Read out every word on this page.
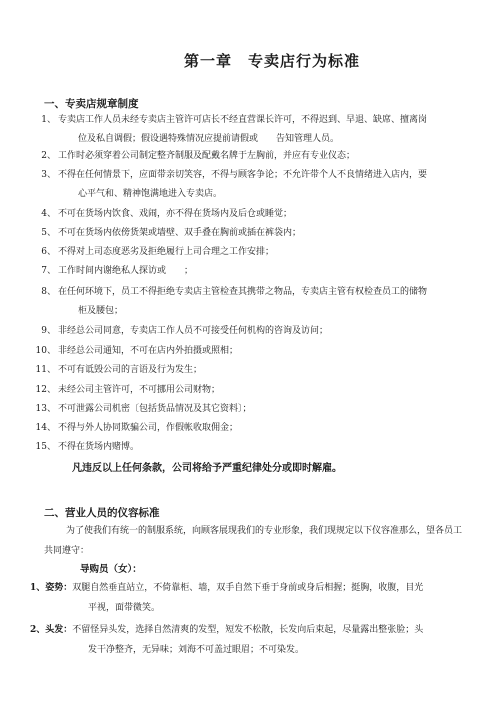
第一章　专卖店行为标准
一、专卖店规章制度
1、 专卖店工作人员未经专卖店主管许可店长不经直营课长许可，不得迟到、早退、缺席、擅离岗
位及私自调假；假设遇特殊情况应提前请假或　　告知管理人员。
2、 工作时必须穿着公司制定整齐制服及配戴名牌于左胸前，并应有专业仪态；
3、 不得在任何情景下，应面带亲切笑容，不得与顾客争论；不允许带个人不良情绪进入店内，要
心平气和、精神饱满地进入专卖店。
4、 不可在货场内饮食、戏闹，亦不得在货场内及后仓或睡觉；
5、 不可在货场内依傍货架或墙壁、双手叠在胸前或插在裤袋内；
6、 不得对上司态度恶劣及拒绝履行上司合理之工作安排；
7、 工作时间内谢绝私人探访或　　；
8、 在任何环境下，员工不得拒绝专卖店主管检查其携带之物品，专卖店主管有权检查员工的储物
柜及腰包；
9、 非经总公司同意，专卖店工作人员不可接受任何机构的咨询及访问；
10、 非经总公司通知，不可在店内外拍摄或照相；
11、 不可有诋毁公司的言语及行为发生；
12、 未经公司主管许可，不可挪用公司财物；
13、 不可泄露公司机密〔包括货品情况及其它资料〕；
14、 不得与外人协同欺骗公司，作假帐收取佣金；
15、 不得在货场内赌博。
凡违反以上任何条款，公司将给予严重纪律处分或即时解雇。
二、营业人员的仪容标准
为了使我们有统一的制服系统，向顾客展现我们的专业形象，我们现规定以下仪容准那么，望各员工共同遵守：
导购员（女）：
1、姿势：双腿自然垂直站立，不倚靠柜、墙，双手自然下垂于身前或身后相握；挺胸，收腹，目光
平视，面带微笑。
2、头发：不留怪异头发，选择自然清爽的发型，短发不松散，长发向后束起，尽量露出整张脸；头
发干净整齐，无异味；刘海不可盖过眼眉；不可染发。
